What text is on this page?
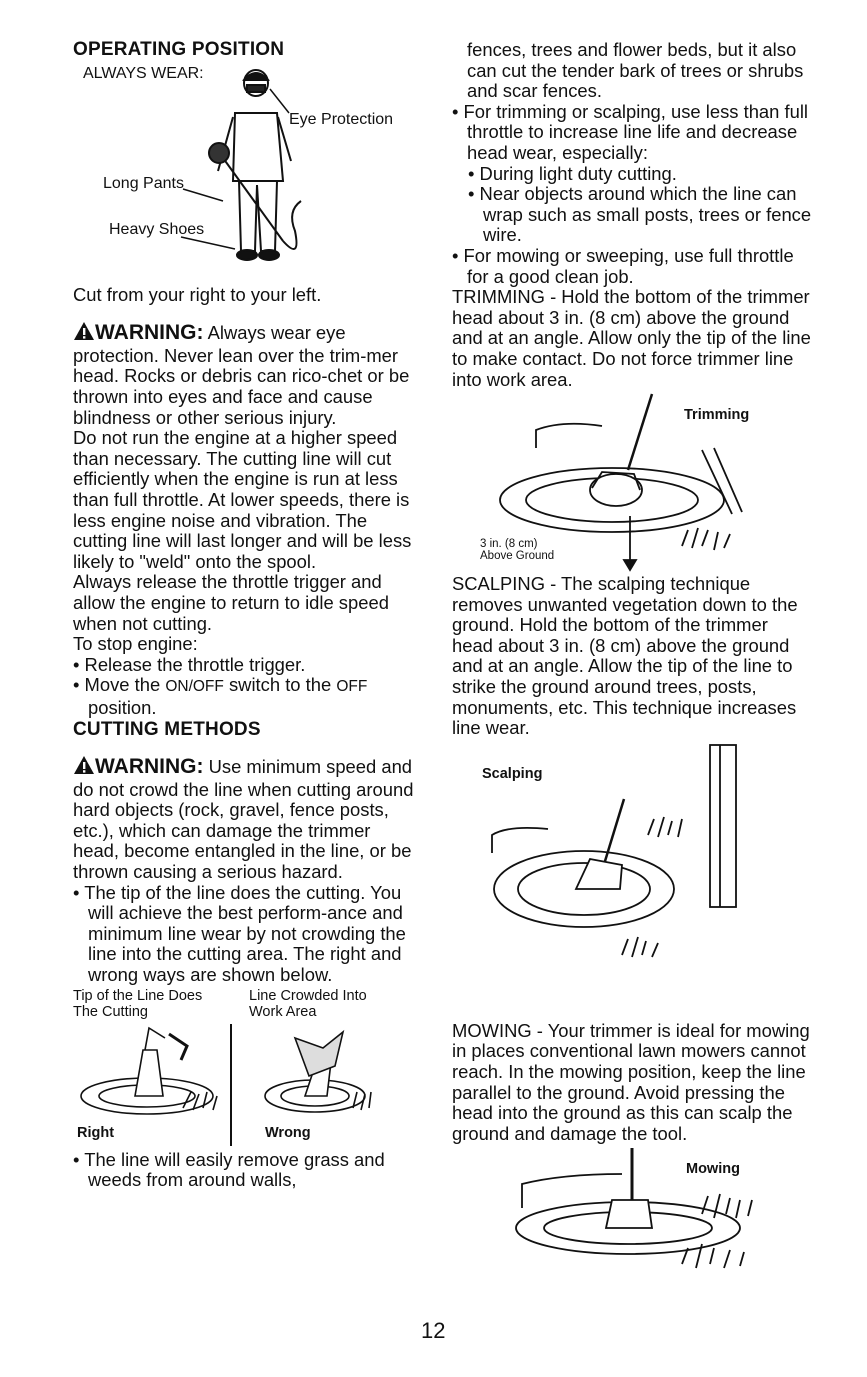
OPERATING POSITION

ALWAYS WEAR:
Eye Protection
Long Pants
Heavy Shoes

Cut from your right to your left.

WARNING: Always wear eye protection. Never lean over the trim-mer head. Rocks or debris can rico-chet or be thrown into eyes and face and cause blindness or other serious injury.

Do not run the engine at a higher speed than necessary. The cutting line will cut efficiently when the engine is run at less than full throttle. At lower speeds, there is less engine noise and vibration. The cutting line will last longer and will be less likely to "weld" onto the spool.

Always release the throttle trigger and allow the engine to return to idle speed when not cutting.

To stop engine:

• Release the throttle trigger.

• Move the ON/OFF switch to the OFF position.

CUTTING METHODS

WARNING: Use minimum speed and do not crowd the line when cutting around hard objects (rock, gravel, fence posts, etc.), which can damage the trimmer head, become entangled in the line, or be thrown causing a serious hazard.

• The tip of the line does the cutting. You will achieve the best perform-ance and minimum line wear by not crowding the line into the cutting area. The right and wrong ways are shown below.

Tip of the Line Does The Cutting
Line Crowded Into Work Area
Right	Wrong

• The line will easily remove grass and weeds from around walls,

fences, trees and flower beds, but it also can cut the tender bark of trees or shrubs and scar fences.

• For trimming or scalping, use less than full throttle to increase line life and decrease head wear, especially:

• During light duty cutting.

• Near objects around which the line can wrap such as small posts, trees or fence wire.

• For mowing or sweeping, use full throttle for a good clean job.

TRIMMING - Hold the bottom of the trimmer head about 3 in. (8 cm) above the ground and at an angle. Allow only the tip of the line to make contact. Do not force trimmer line into work area.

Trimming
3 in. (8 cm)
Above Ground

SCALPING - The scalping technique removes unwanted vegetation down to the ground. Hold the bottom of the trimmer head about 3 in. (8 cm) above the ground and at an angle. Allow the tip of the line to strike the ground around trees, posts, monuments, etc. This technique increases line wear.

Scalping

MOWING - Your trimmer is ideal for mowing in places conventional lawn mowers cannot reach. In the mowing position, keep the line parallel to the ground. Avoid pressing the head into the ground as this can scalp the ground and damage the tool.

Mowing
12
